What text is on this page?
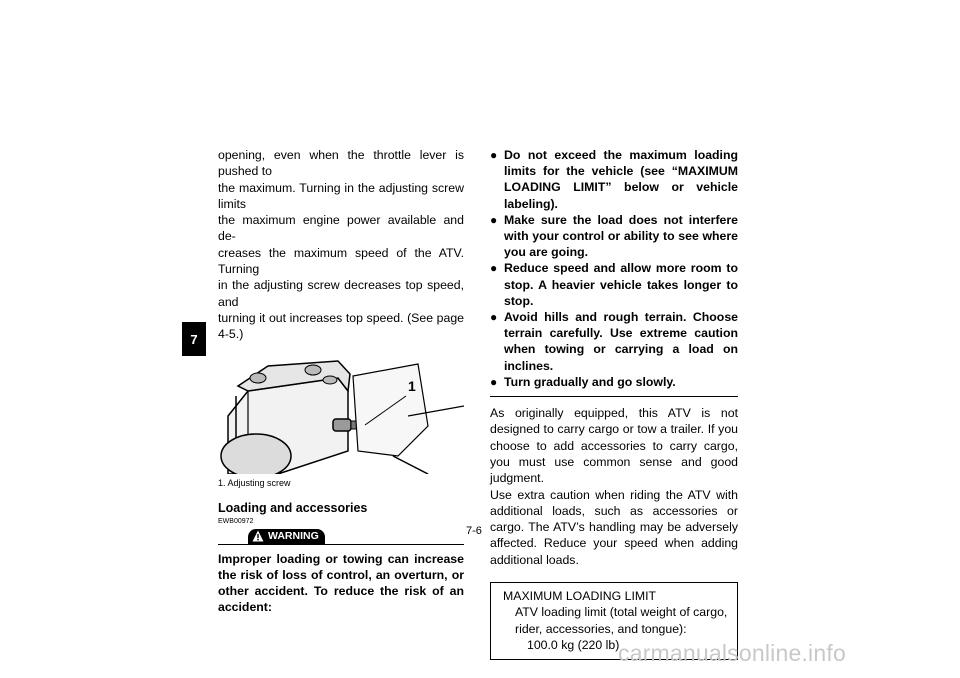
7
opening, even when the throttle lever is pushed to
the maximum. Turning in the adjusting screw limits
the maximum engine power available and de-
creases the maximum speed of the ATV. Turning
in the adjusting screw decreases top speed, and
turning it out increases top speed. (See page 4-5.)
1
1. Adjusting screw
Loading and accessories
EWB00972
WARNING
Improper loading or towing can increase the risk of loss of control, an overturn, or other accident. To reduce the risk of an accident:
● Do not exceed the maximum loading limits for the vehicle (see “MAXIMUM LOADING LIMIT” below or vehicle labeling).
● Make sure the load does not interfere with your control or ability to see where you are going.
● Reduce speed and allow more room to stop. A heavier vehicle takes longer to stop.
● Avoid hills and rough terrain. Choose terrain carefully. Use extreme caution when towing or carrying a load on inclines.
● Turn gradually and go slowly.

As originally equipped, this ATV is not designed to carry cargo or tow a trailer. If you choose to add accessories to carry cargo, you must use common sense and good judgment.

Use extra caution when riding the ATV with additional loads, such as accessories or cargo. The ATV’s handling may be adversely affected. Reduce your speed when adding additional loads.

MAXIMUM LOADING LIMIT
ATV loading limit (total weight of cargo, rider, accessories, and tongue):
100.0 kg (220 lb)
7-6
carmanualsonline.info
